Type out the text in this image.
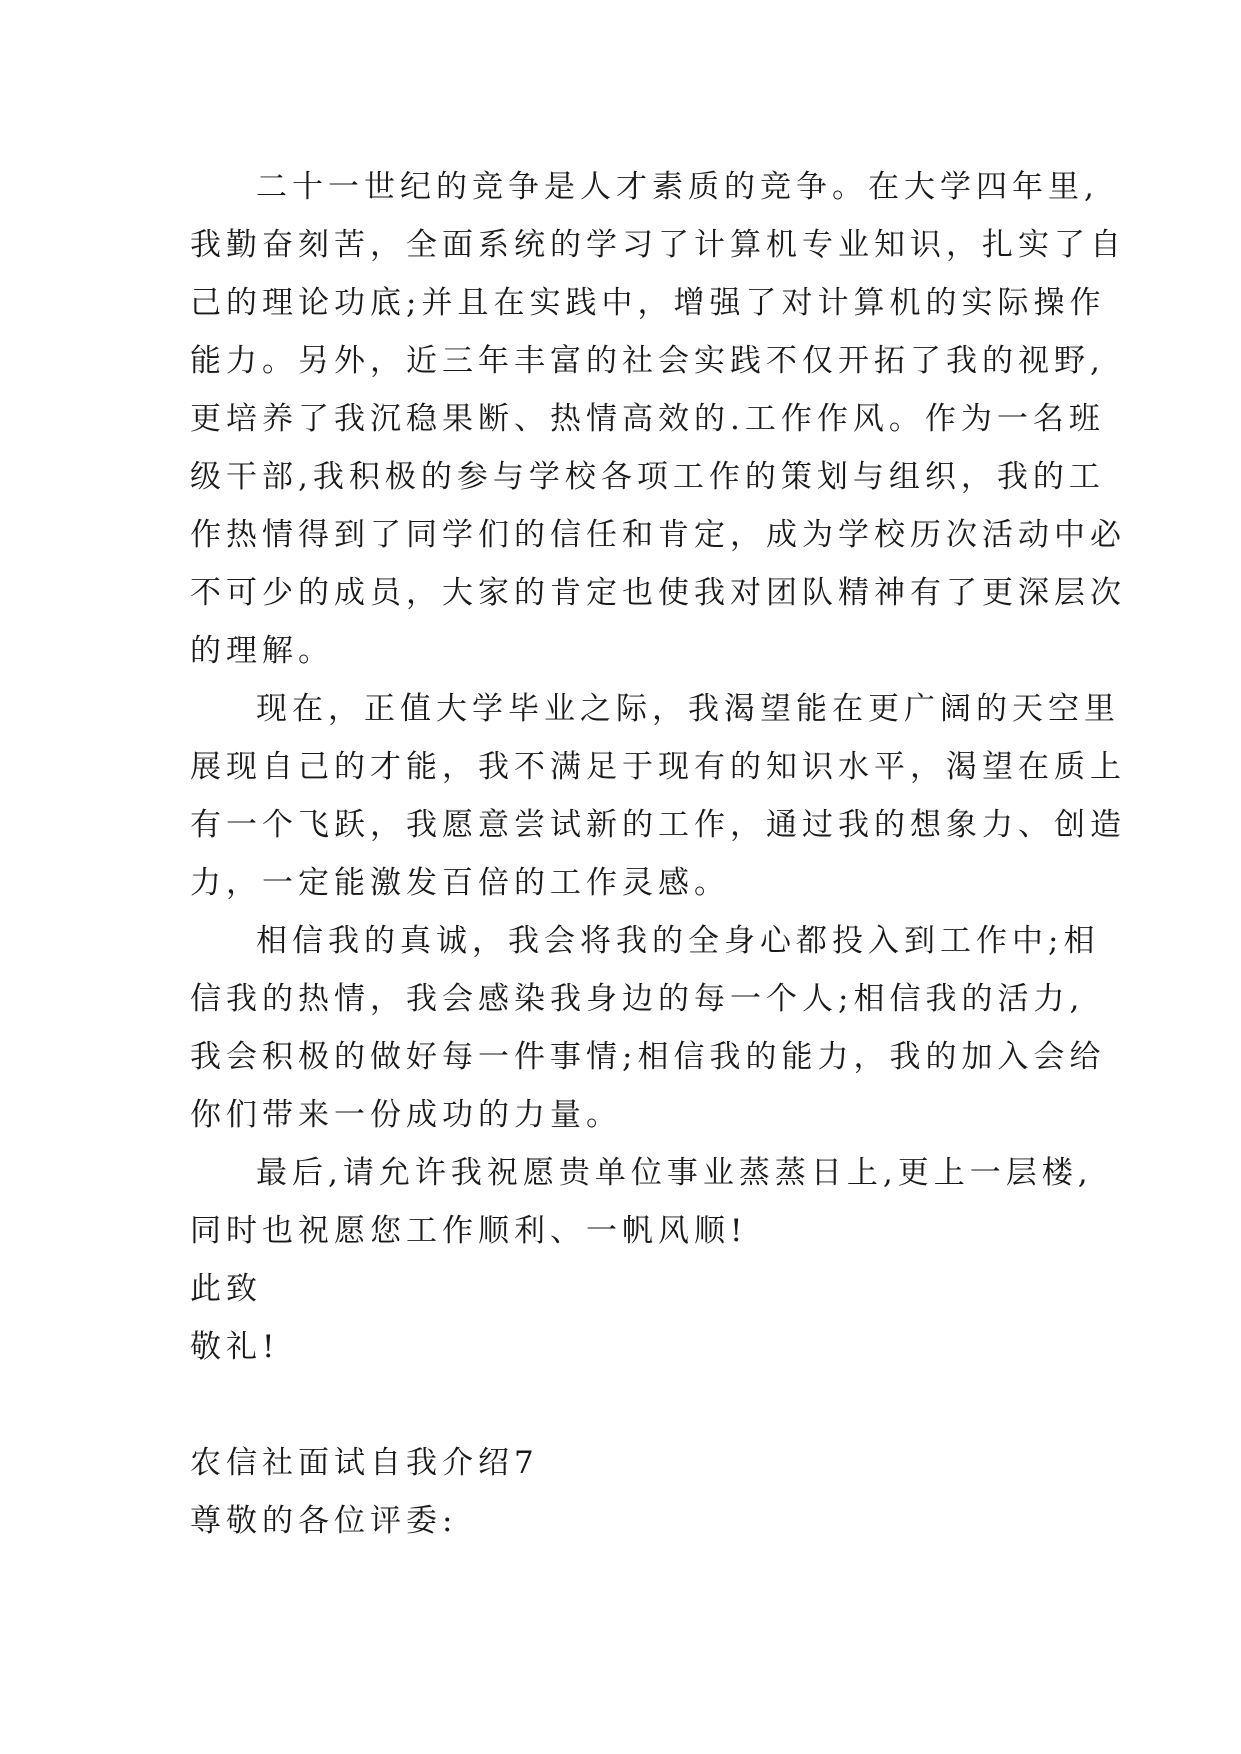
二十一世纪的竞争是人才素质的竞争。在大学四年里,
我勤奋刻苦，全面系统的学习了计算机专业知识，扎实了自
己的理论功底;并且在实践中，增强了对计算机的实际操作
能力。另外，近三年丰富的社会实践不仅开拓了我的视野,
更培养了我沉稳果断、热情高效的.工作作风。作为一名班
级干部,我积极的参与学校各项工作的策划与组织，我的工
作热情得到了同学们的信任和肯定，成为学校历次活动中必
不可少的成员，大家的肯定也使我对团队精神有了更深层次
的理解。
现在，正值大学毕业之际，我渴望能在更广阔的天空里
展现自己的才能，我不满足于现有的知识水平，渴望在质上
有一个飞跃，我愿意尝试新的工作，通过我的想象力、创造
力，一定能激发百倍的工作灵感。
相信我的真诚，我会将我的全身心都投入到工作中;相
信我的热情，我会感染我身边的每一个人;相信我的活力,
我会积极的做好每一件事情;相信我的能力，我的加入会给
你们带来一份成功的力量。
最后,请允许我祝愿贵单位事业蒸蒸日上,更上一层楼,
同时也祝愿您工作顺利、一帆风顺!
此致
敬礼!
农信社面试自我介绍7
尊敬的各位评委:
